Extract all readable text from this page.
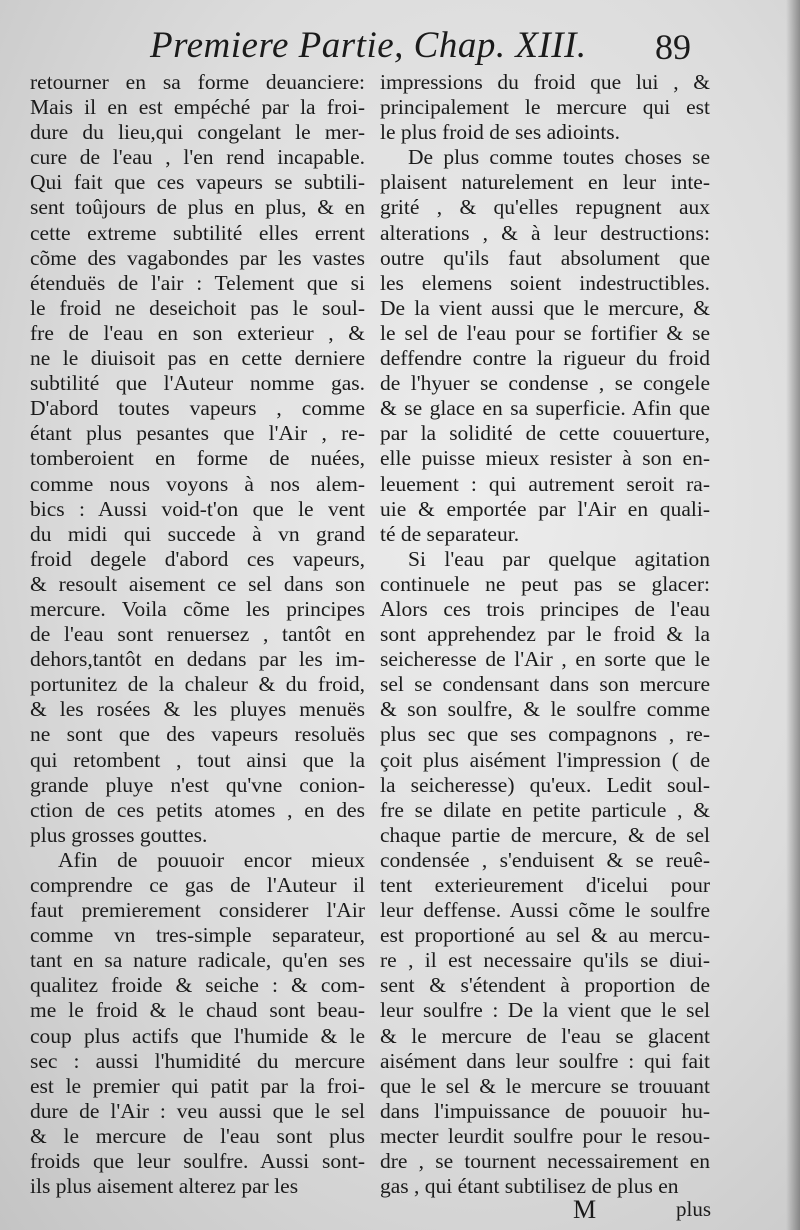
Premiere Partie, Chap. XIII. 89
retourner en sa forme deuanciere:
Mais il en est empéché par la froi-
dure du lieu,qui congelant le mer-
cure de l'eau , l'en rend incapable.
Qui fait que ces vapeurs se subtili-
sent toûjours de plus en plus, & en
cette extreme subtilité elles errent
cõme des vagabondes par les vastes
étenduës de l'air : Telement que si
le froid ne deseichoit pas le soul-
fre de l'eau en son exterieur , &
ne le diuisoit pas en cette derniere
subtilité que l'Auteur nomme gas.
D'abord toutes vapeurs , comme
étant plus pesantes que l'Air , re-
tomberoient en forme de nuées,
comme nous voyons à nos alem-
bics : Aussi void-t'on que le vent
du midi qui succede à vn grand
froid degele d'abord ces vapeurs,
& resoult aisement ce sel dans son
mercure. Voila cõme les principes
de l'eau sont renuersez , tantôt en
dehors,tantôt en dedans par les im-
portunitez de la chaleur & du froid,
& les rosées & les pluyes menuës
ne sont que des vapeurs resoluës
qui retombent , tout ainsi que la
grande pluye n'est qu'vne conion-
ction de ces petits atomes , en des
plus grosses gouttes.
Afin de pouuoir encor mieux
comprendre ce gas de l'Auteur il
faut premierement considerer l'Air
comme vn tres-simple separateur,
tant en sa nature radicale, qu'en ses
qualitez froide & seiche : & com-
me le froid & le chaud sont beau-
coup plus actifs que l'humide & le
sec : aussi l'humidité du mercure
est le premier qui patit par la froi-
dure de l'Air : veu aussi que le sel
& le mercure de l'eau sont plus
froids que leur soulfre. Aussi sont-
ils plus aisement alterez par les
impressions du froid que lui , &
principalement le mercure qui est
le plus froid de ses adioints.
De plus comme toutes choses se
plaisent naturelement en leur inte-
grité , & qu'elles repugnent aux
alterations , & à leur destructions:
outre qu'ils faut absolument que
les elemens soient indestructibles.
De la vient aussi que le mercure, &
le sel de l'eau pour se fortifier & se
deffendre contre la rigueur du froid
de l'hyuer se condense , se congele
& se glace en sa superficie. Afin que
par la solidité de cette couuerture,
elle puisse mieux resister à son en-
leuement : qui autrement seroit ra-
uie & emportée par l'Air en quali-
té de separateur.
Si l'eau par quelque agitation
continuele ne peut pas se glacer:
Alors ces trois principes de l'eau
sont apprehendez par le froid & la
seicheresse de l'Air , en sorte que le
sel se condensant dans son mercure
& son soulfre, & le soulfre comme
plus sec que ses compagnons , re-
çoit plus aisément l'impression ( de
la seicheresse) qu'eux. Ledit soul-
fre se dilate en petite particule , &
chaque partie de mercure, & de sel
condensée , s'enduisent & se reuê-
tent exterieurement d'icelui pour
leur deffense. Aussi cõme le soulfre
est proportioné au sel & au mercu-
re , il est necessaire qu'ils se diui-
sent & s'étendent à proportion de
leur soulfre : De la vient que le sel
& le mercure de l'eau se glacent
aisément dans leur soulfre : qui fait
que le sel & le mercure se trouuant
dans l'impuissance de pouuoir hu-
mecter leurdit soulfre pour le resou-
dre , se tournent necessairement en
gas , qui étant subtilisez de plus en
M	plus
